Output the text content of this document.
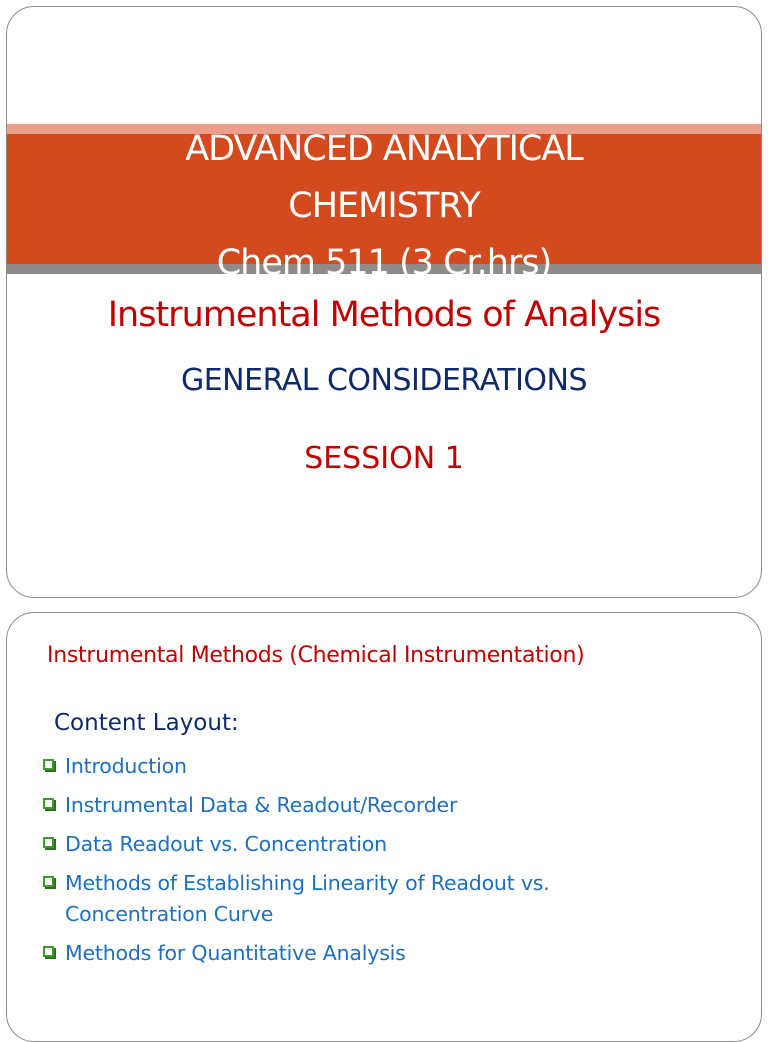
ADVANCED ANALYTICAL
CHEMISTRY
Chem 511 (3 Cr.hrs)
Instrumental Methods of Analysis
GENERAL CONSIDERATIONS
SESSION 1
Instrumental Methods (Chemical Instrumentation)
Content Layout:
Introduction
Instrumental Data & Readout/Recorder
Data Readout vs. Concentration
Methods of Establishing Linearity of Readout vs. Concentration Curve
Methods for Quantitative Analysis
